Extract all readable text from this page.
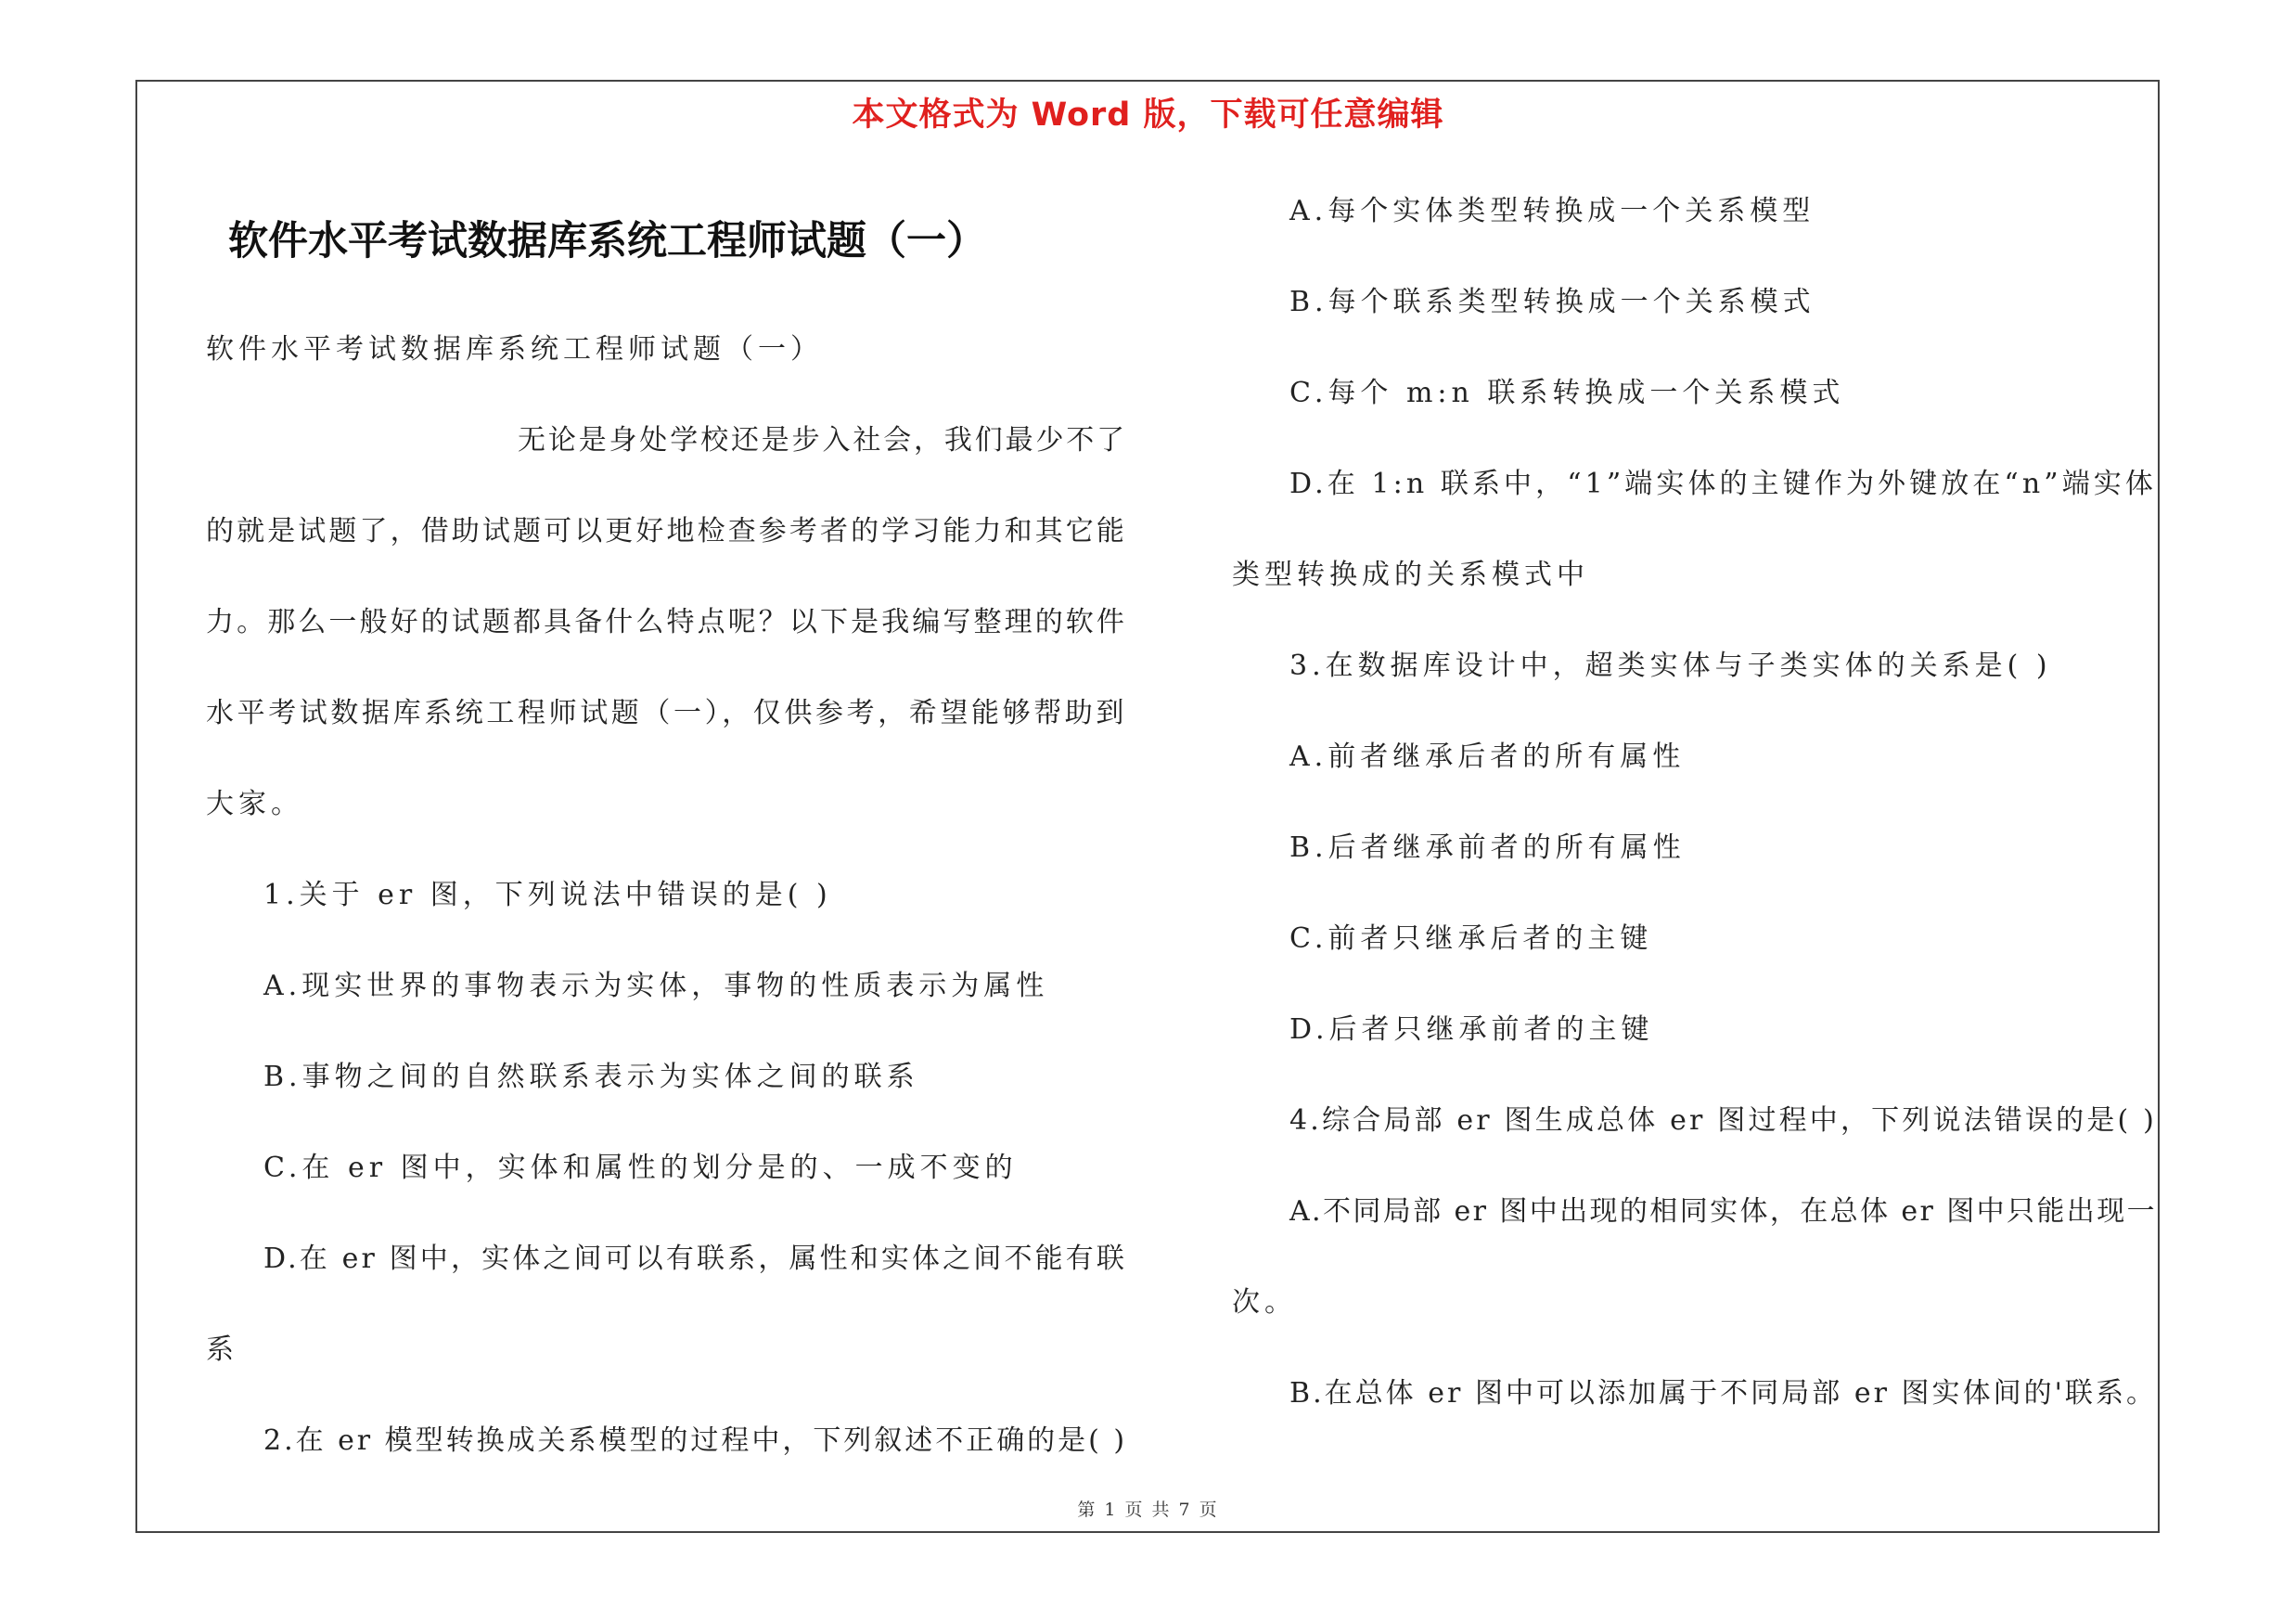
本文格式为 Word 版，下载可任意编辑
软件水平考试数据库系统工程师试题（一）
软件水平考试数据库系统工程师试题（一）
无论是身处学校还是步入社会，我们最少不了
的就是试题了，借助试题可以更好地检查参考者的学习能力和其它能
力。那么一般好的试题都具备什么特点呢？以下是我编写整理的软件
水平考试数据库系统工程师试题（一），仅供参考，希望能够帮助到
大家。
1.关于 er 图，下列说法中错误的是( )
A.现实世界的事物表示为实体，事物的性质表示为属性
B.事物之间的自然联系表示为实体之间的联系
C.在 er 图中，实体和属性的划分是的、一成不变的
D.在 er 图中，实体之间可以有联系，属性和实体之间不能有联
系
2.在 er 模型转换成关系模型的过程中，下列叙述不正确的是( )
A.每个实体类型转换成一个关系模型
B.每个联系类型转换成一个关系模式
C.每个 m:n 联系转换成一个关系模式
D.在 1:n 联系中，“1”端实体的主键作为外键放在“n”端实体
类型转换成的关系模式中
3.在数据库设计中，超类实体与子类实体的关系是( )
A.前者继承后者的所有属性
B.后者继承前者的所有属性
C.前者只继承后者的主键
D.后者只继承前者的主键
4.综合局部 er 图生成总体 er 图过程中，下列说法错误的是( )
A.不同局部 er 图中出现的相同实体，在总体 er 图中只能出现一
次。
B.在总体 er 图中可以添加属于不同局部 er 图实体间的'联系。
第 1 页 共 7 页
